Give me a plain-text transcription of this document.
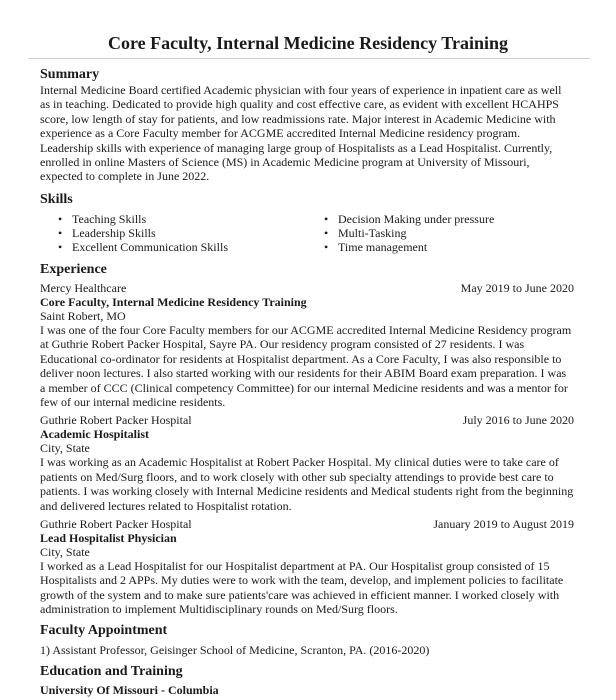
Core Faculty, Internal Medicine Residency Training
Summary

Internal Medicine Board certified Academic physician with four years of experience in inpatient care as well as in teaching. Dedicated to provide high quality and cost effective care, as evident with excellent HCAHPS score, low length of stay for patients, and low readmissions rate. Major interest in Academic Medicine with experience as a Core Faculty member for ACGME accredited Internal Medicine residency program. Leadership skills with experience of managing large group of Hospitalists as a Lead Hospitalist. Currently, enrolled in online Masters of Science (MS) in Academic Medicine program at University of Missouri, expected to complete in June 2022.

Skills
• Teaching Skills
• Leadership Skills
• Excellent Communication Skills
• Decision Making under pressure
• Multi-Tasking
• Time management
Experience
Mercy Healthcare	May 2019 to June 2020
Core Faculty, Internal Medicine Residency Training
Saint Robert, MO

I was one of the four Core Faculty members for our ACGME accredited Internal Medicine Residency program at Guthrie Robert Packer Hospital, Sayre PA. Our residency program consisted of 27 residents. I was Educational co-ordinator for residents at Hospitalist department. As a Core Faculty, I was also responsible to deliver noon lectures. I also started working with our residents for their ABIM Board exam preparation. I was a member of CCC (Clinical competency Committee) for our internal Medicine residents and was a mentor for few of our internal medicine residents.

Guthrie Robert Packer Hospital	July 2016 to June 2020
Academic Hospitalist
City, State

I was working as an Academic Hospitalist at Robert Packer Hospital. My clinical duties were to take care of patients on Med/Surg floors, and to work closely with other sub specialty attendings to provide best care to patients. I was working closely with Internal Medicine residents and Medical students right from the beginning and delivered lectures related to Hospitalist rotation.

Guthrie Robert Packer Hospital	January 2019 to August 2019
Lead Hospitalist Physician
City, State

I worked as a Lead Hospitalist for our Hospitalist department at PA. Our Hospitalist group consisted of 15 Hospitalists and 2 APPs. My duties were to work with the team, develop, and implement policies to facilitate growth of the system and to make sure patients'care was achieved in efficient manner. I worked closely with administration to implement Multidisciplinary rounds on Med/Surg floors.

Faculty Appointment

1) Assistant Professor, Geisinger School of Medicine, Scranton, PA. (2016-2020)

Education and Training
University Of Missouri - Columbia
